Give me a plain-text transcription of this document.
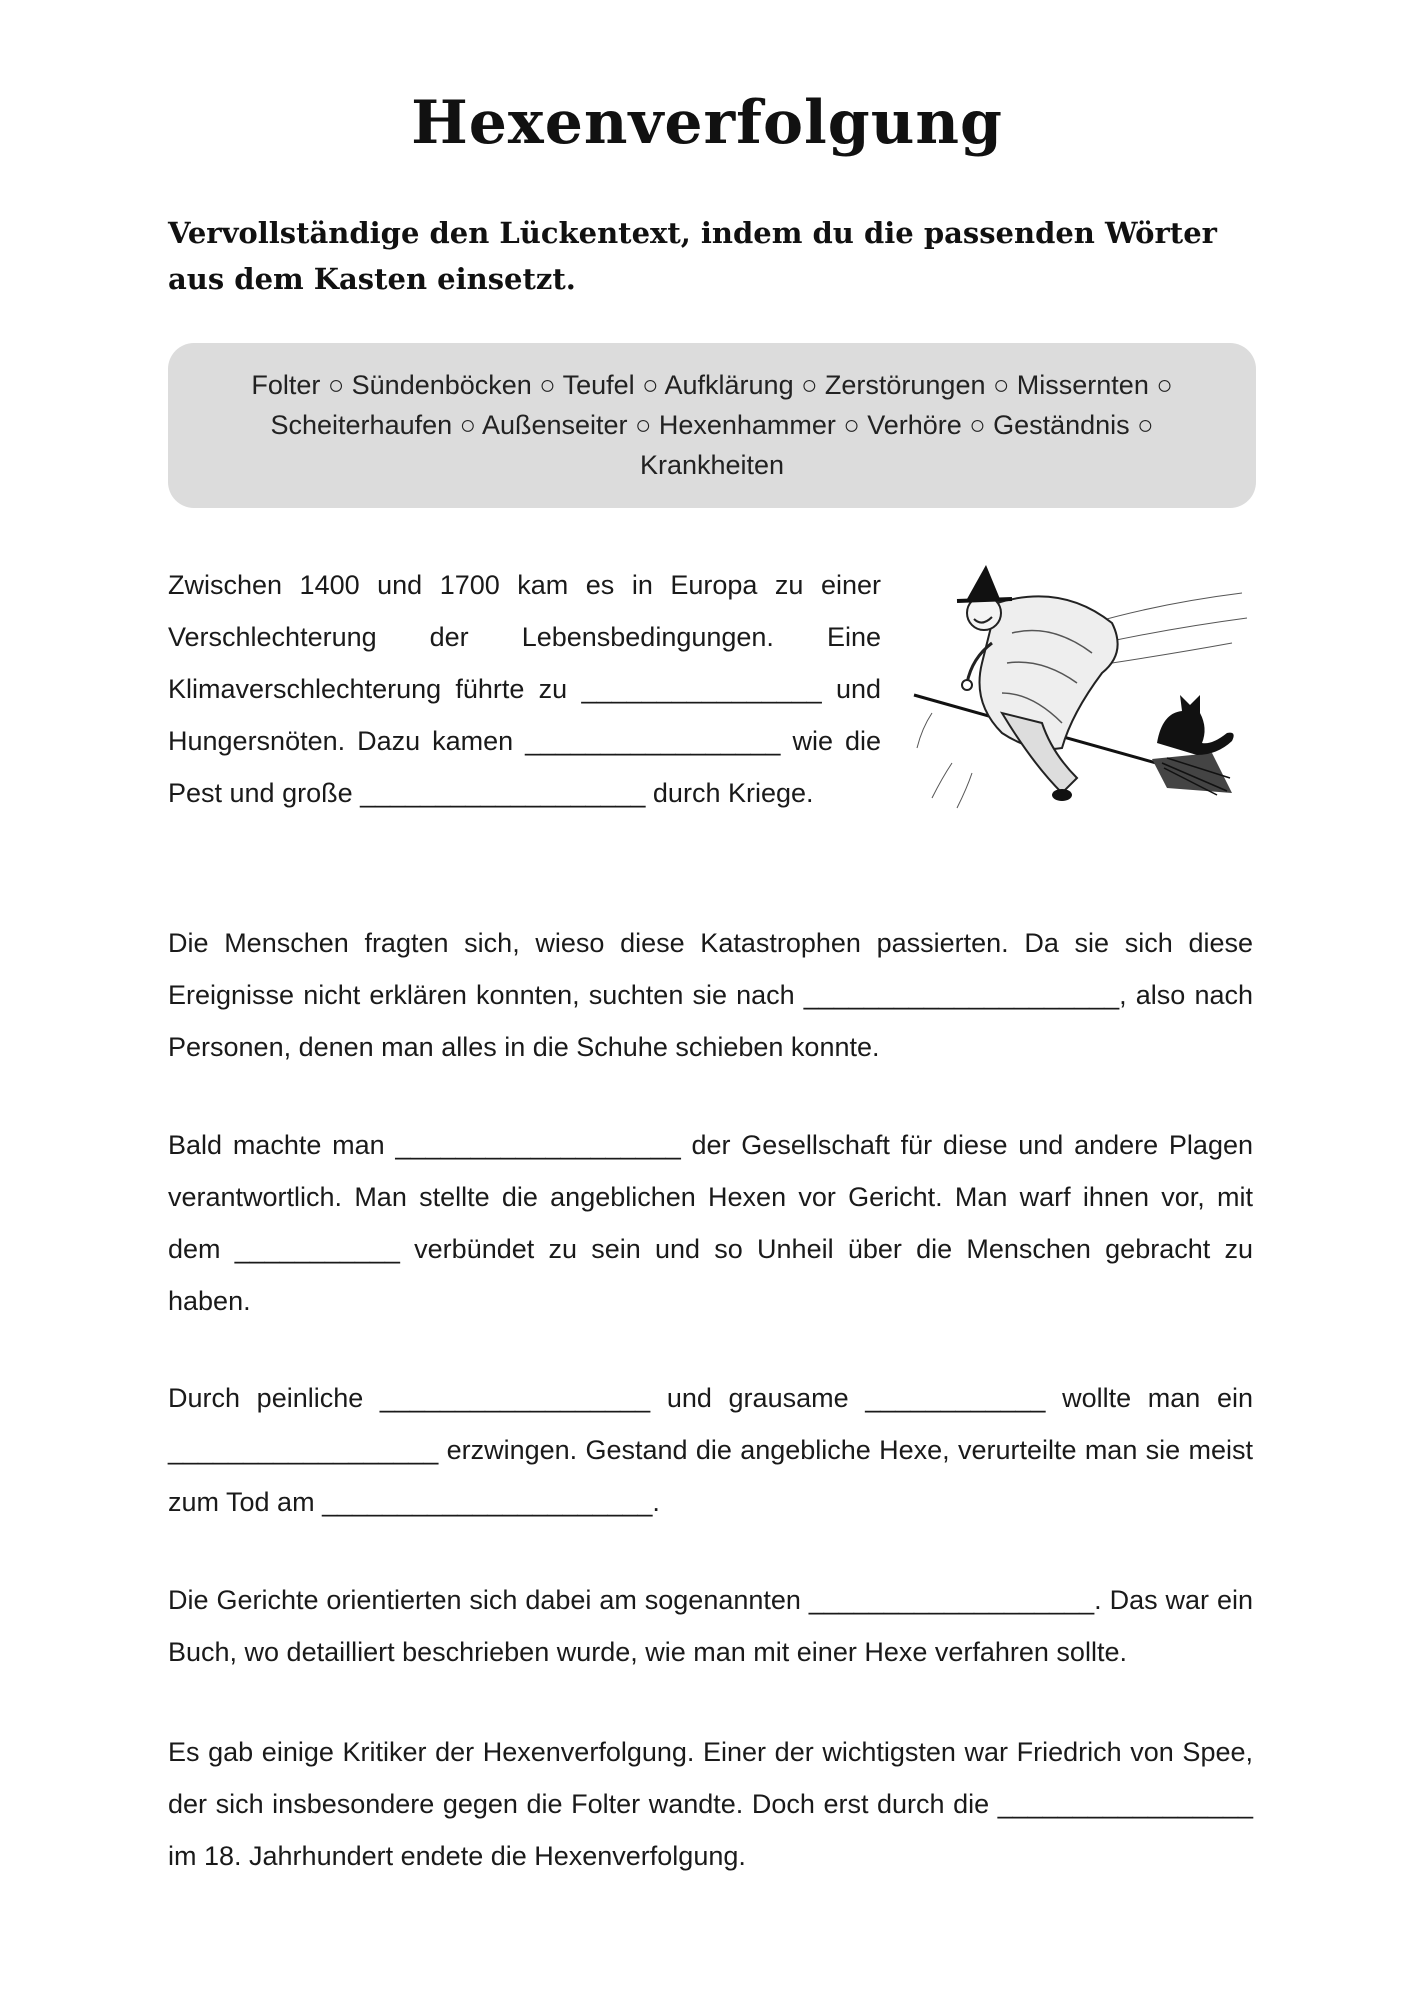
Hexenverfolgung

Vervollständige den Lückentext, indem du die passenden Wörter aus dem Kasten einsetzt.

Folter ○ Sündenböcken ○ Teufel ○ Aufklärung ○ Zerstörungen ○ Missernten ○ Scheiterhaufen ○ Außenseiter ○ Hexenhammer ○ Verhöre ○ Geständnis ○ Krankheiten

Zwischen 1400 und 1700 kam es in Europa zu einer Verschlechterung der Lebensbedingungen. Eine Klimaverschlechterung führte zu ________________ und Hungersnöten. Dazu kamen _________________ wie die Pest und große ___________________ durch Kriege.

Die Menschen fragten sich, wieso diese Katastrophen passierten. Da sie sich diese Ereignisse nicht erklären konnten, suchten sie nach _____________________, also nach Personen, denen man alles in die Schuhe schieben konnte.

Bald machte man ___________________ der Gesellschaft für diese und andere Plagen verantwortlich. Man stellte die angeblichen Hexen vor Gericht. Man warf ihnen vor, mit dem ___________ verbündet zu sein und so Unheil über die Menschen gebracht zu haben.

Durch peinliche __________________ und grausame ____________ wollte man ein __________________ erzwingen. Gestand die angebliche Hexe, verurteilte man sie meist zum Tod am ______________________.

Die Gerichte orientierten sich dabei am sogenannten ___________________. Das war ein Buch, wo detailliert beschrieben wurde, wie man mit einer Hexe verfahren sollte.

Es gab einige Kritiker der Hexenverfolgung. Einer der wichtigsten war Friedrich von Spee, der sich insbesondere gegen die Folter wandte. Doch erst durch die _________________ im 18. Jahrhundert endete die Hexenverfolgung.
